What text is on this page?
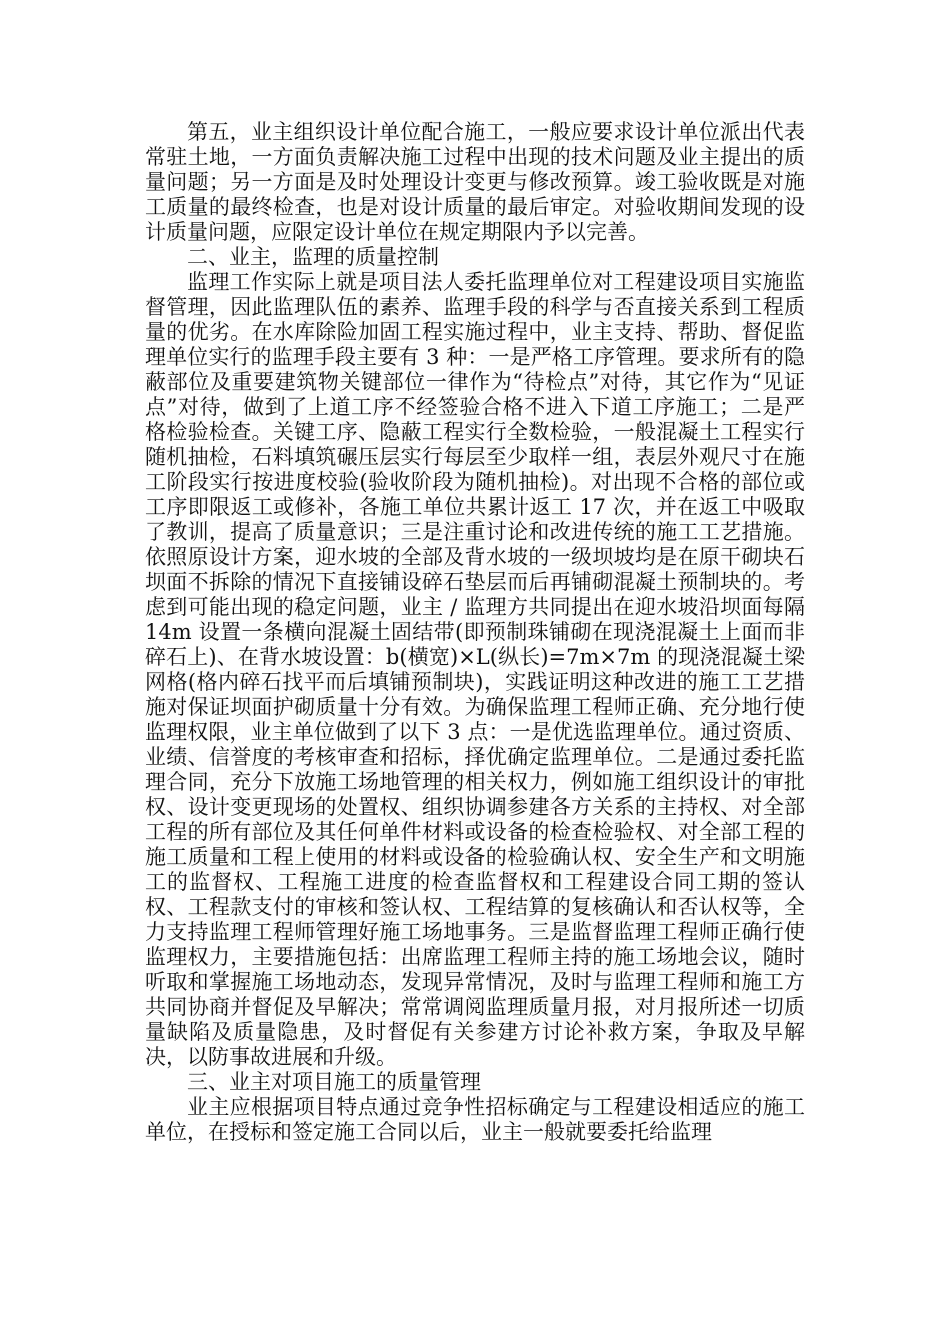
第五，业主组织设计单位配合施工，一般应要求设计单位派出代表常驻土地，一方面负责解决施工过程中出现的技术问题及业主提出的质量问题；另一方面是及时处理设计变更与修改预算。竣工验收既是对施工质量的最终检查，也是对设计质量的最后审定。对验收期间发现的设计质量问题，应限定设计单位在规定期限内予以完善。

二、业主，监理的质量控制

监理工作实际上就是项目法人委托监理单位对工程建设项目实施监督管理，因此监理队伍的素养、监理手段的科学与否直接关系到工程质量的优劣。在水库除险加固工程实施过程中，业主支持、帮助、督促监理单位实行的监理手段主要有 3 种：一是严格工序管理。要求所有的隐蔽部位及重要建筑物关键部位一律作为“待检点”对待，其它作为“见证点”对待，做到了上道工序不经签验合格不进入下道工序施工；二是严格检验检查。关键工序、隐蔽工程实行全数检验，一般混凝土工程实行随机抽检，石料填筑碾压层实行每层至少取样一组，表层外观尺寸在施工阶段实行按进度校验(验收阶段为随机抽检)。对出现不合格的部位或工序即限返工或修补，各施工单位共累计返工 17 次，并在返工中吸取了教训，提高了质量意识；三是注重讨论和改进传统的施工工艺措施。依照原设计方案，迎水坡的全部及背水坡的一级坝坡均是在原干砌块石坝面不拆除的情况下直接铺设碎石垫层而后再铺砌混凝土预制块的。考虑到可能出现的稳定问题，业主 / 监理方共同提出在迎水坡沿坝面每隔 14m 设置一条横向混凝土固结带(即预制珠铺砌在现浇混凝土上面而非碎石上)、在背水坡设置：b(横宽)×L(纵长)=7m×7m 的现浇混凝土梁网格(格内碎石找平而后填铺预制块)，实践证明这种改进的施工工艺措施对保证坝面护砌质量十分有效。为确保监理工程师正确、充分地行使监理权限，业主单位做到了以下 3 点：一是优选监理单位。通过资质、业绩、信誉度的考核审查和招标，择优确定监理单位。二是通过委托监理合同，充分下放施工场地管理的相关权力，例如施工组织设计的审批权、设计变更现场的处置权、组织协调参建各方关系的主持权、对全部工程的所有部位及其任何单件材料或设备的检查检验权、对全部工程的施工质量和工程上使用的材料或设备的检验确认权、安全生产和文明施工的监督权、工程施工进度的检查监督权和工程建设合同工期的签认权、工程款支付的审核和签认权、工程结算的复核确认和否认权等，全力支持监理工程师管理好施工场地事务。三是监督监理工程师正确行使监理权力，主要措施包括：出席监理工程师主持的施工场地会议，随时听取和掌握施工场地动态，发现异常情况，及时与监理工程师和施工方共同协商并督促及早解决；常常调阅监理质量月报，对月报所述一切质量缺陷及质量隐患，及时督促有关参建方讨论补救方案，争取及早解决，以防事故进展和升级。

三、业主对项目施工的质量管理

业主应根据项目特点通过竞争性招标确定与工程建设相适应的施工单位，在授标和签定施工合同以后，业主一般就要委托给监理
